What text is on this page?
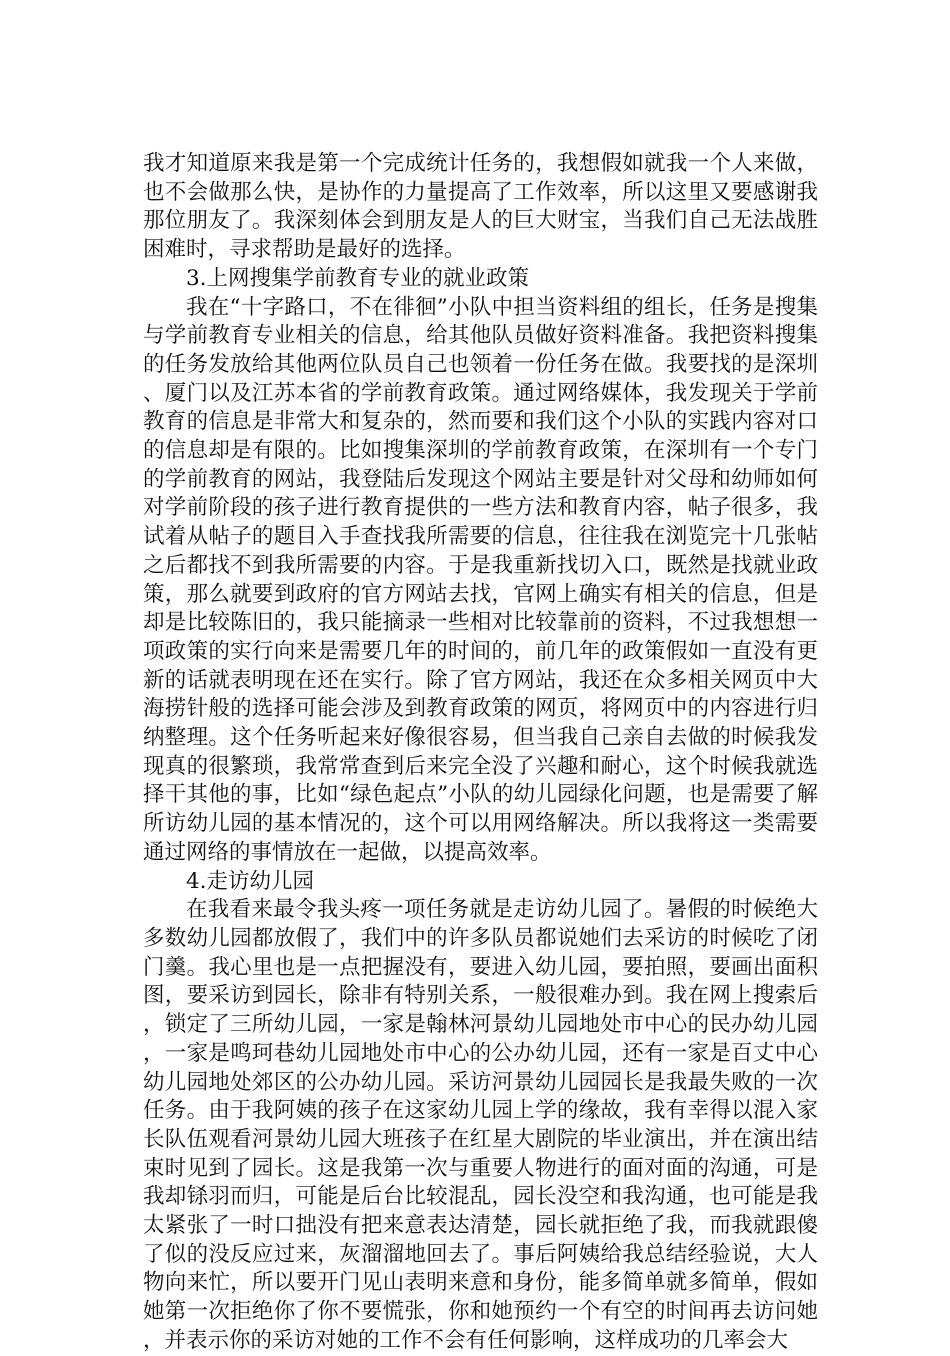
我才知道原来我是第一个完成统计任务的，我想假如就我一个人来做，也不会做那么快，是协作的力量提高了工作效率，所以这里又要感谢我那位朋友了。我深刻体会到朋友是人的巨大财宝，当我们自己无法战胜困难时，寻求帮助是最好的选择。

3.上网搜集学前教育专业的就业政策

我在“十字路口，不在徘徊”小队中担当资料组的组长，任务是搜集与学前教育专业相关的信息，给其他队员做好资料准备。我把资料搜集的任务发放给其他两位队员自己也领着一份任务在做。我要找的是深圳、厦门以及江苏本省的学前教育政策。通过网络媒体，我发现关于学前教育的信息是非常大和复杂的，然而要和我们这个小队的实践内容对口的信息却是有限的。比如搜集深圳的学前教育政策，在深圳有一个专门的学前教育的网站，我登陆后发现这个网站主要是针对父母和幼师如何对学前阶段的孩子进行教育提供的一些方法和教育内容，帖子很多，我试着从帖子的题目入手查找我所需要的信息，往往我在浏览完十几张帖之后都找不到我所需要的内容。于是我重新找切入口，既然是找就业政策，那么就要到政府的官方网站去找，官网上确实有相关的信息，但是却是比较陈旧的，我只能摘录一些相对比较靠前的资料，不过我想想一项政策的实行向来是需要几年的时间的，前几年的政策假如一直没有更新的话就表明现在还在实行。除了官方网站，我还在众多相关网页中大海捞针般的选择可能会涉及到教育政策的网页，将网页中的内容进行归纳整理。这个任务听起来好像很容易，但当我自己亲自去做的时候我发现真的很繁琐，我常常查到后来完全没了兴趣和耐心，这个时候我就选择干其他的事，比如“绿色起点”小队的幼儿园绿化问题，也是需要了解所访幼儿园的基本情况的，这个可以用网络解决。所以我将这一类需要通过网络的事情放在一起做，以提高效率。

4.走访幼儿园

在我看来最令我头疼一项任务就是走访幼儿园了。暑假的时候绝大多数幼儿园都放假了，我们中的许多队员都说她们去采访的时候吃了闭门羹。我心里也是一点把握没有，要进入幼儿园，要拍照，要画出面积图，要采访到园长，除非有特别关系，一般很难办到。我在网上搜索后，锁定了三所幼儿园，一家是翰林河景幼儿园地处市中心的民办幼儿园，一家是鸣珂巷幼儿园地处市中心的公办幼儿园，还有一家是百丈中心幼儿园地处郊区的公办幼儿园。采访河景幼儿园园长是我最失败的一次任务。由于我阿姨的孩子在这家幼儿园上学的缘故，我有幸得以混入家长队伍观看河景幼儿园大班孩子在红星大剧院的毕业演出，并在演出结束时见到了园长。这是我第一次与重要人物进行的面对面的沟通，可是我却铩羽而归，可能是后台比较混乱，园长没空和我沟通，也可能是我太紧张了一时口拙没有把来意表达清楚，园长就拒绝了我，而我就跟傻了似的没反应过来，灰溜溜地回去了。事后阿姨给我总结经验说，大人物向来忙，所以要开门见山表明来意和身份，能多简单就多简单，假如她第一次拒绝你了你不要慌张，你和她预约一个有空的时间再去访问她，并表示你的采访对她的工作不会有任何影响，这样成功的几率会大
